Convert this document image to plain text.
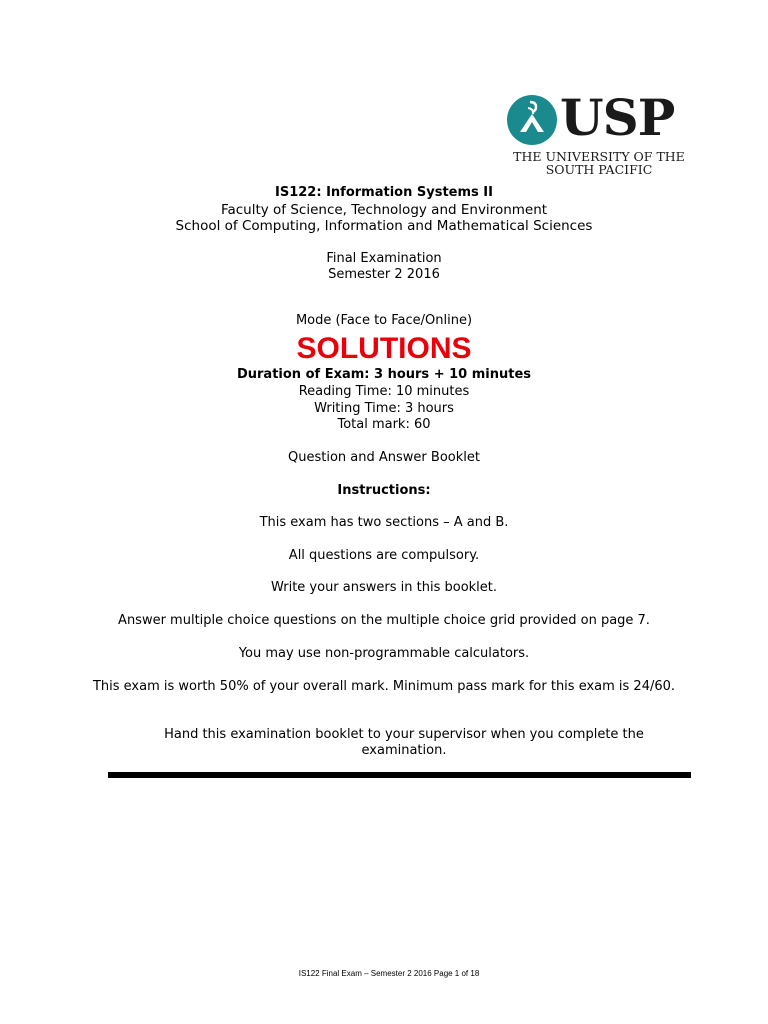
USP
THE UNIVERSITY OF THE
SOUTH PACIFIC
IS122: Information Systems II
Faculty of Science, Technology and Environment
School of Computing, Information and Mathematical Sciences
Final Examination
Semester 2 2016
Mode (Face to Face/Online)
SOLUTIONS
Duration of Exam: 3 hours + 10 minutes
Reading Time: 10 minutes
Writing Time: 3 hours
Total mark: 60
Question and Answer Booklet
Instructions:
This exam has two sections – A and B.
All questions are compulsory.
Write your answers in this booklet.
Answer multiple choice questions on the multiple choice grid provided on page 7.
You may use non-programmable calculators.
This exam is worth 50% of your overall mark. Minimum pass mark for this exam is 24/60.
Hand this examination booklet to your supervisor when you complete the
examination.
IS122 Final Exam – Semester 2 2016 Page 1 of 18
